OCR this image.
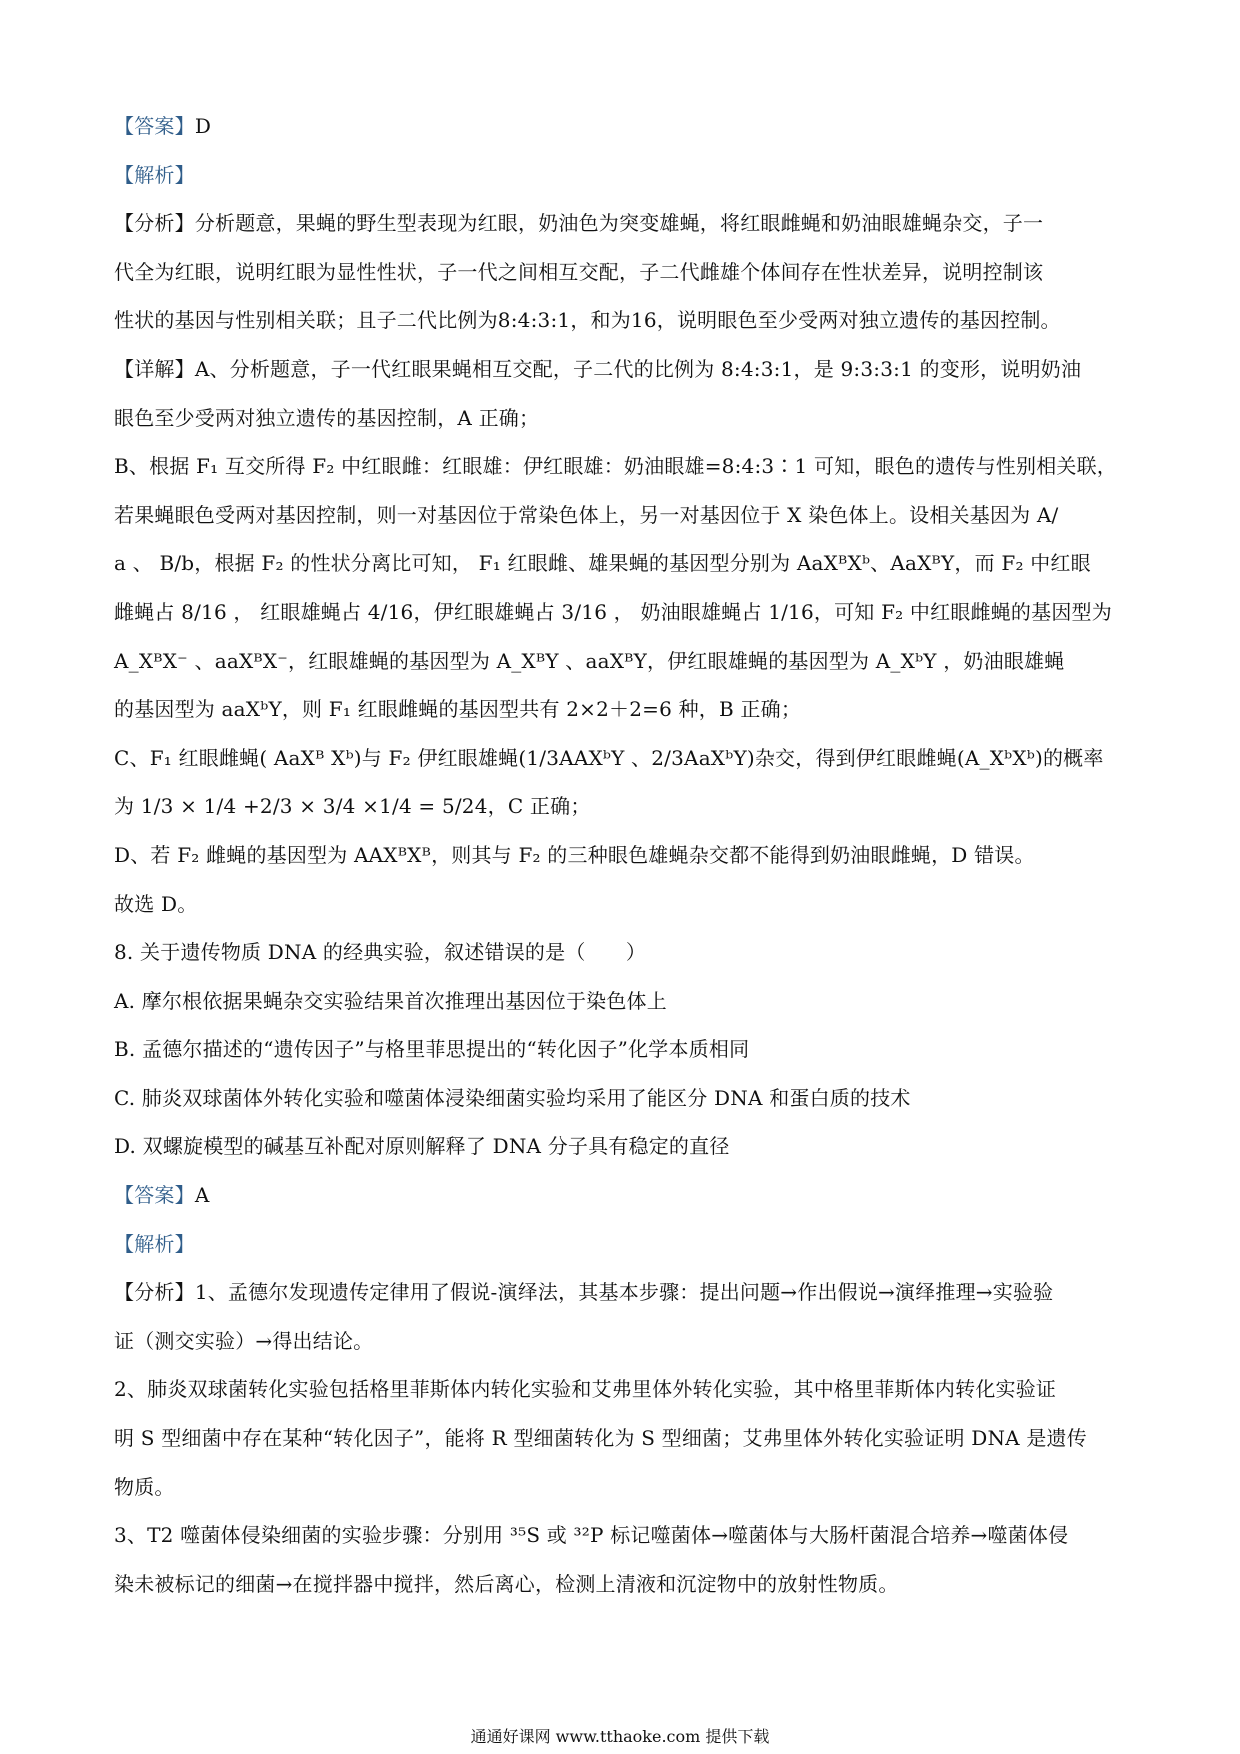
【答案】D
【解析】
【分析】分析题意，果蝇的野生型表现为红眼，奶油色为突变雄蝇，将红眼雌蝇和奶油眼雄蝇杂交，子一
代全为红眼，说明红眼为显性性状，子一代之间相互交配，子二代雌雄个体间存在性状差异，说明控制该
性状的基因与性别相关联；且子二代比例为8:4:3:1，和为16，说明眼色至少受两对独立遗传的基因控制。
【详解】A、分析题意，子一代红眼果蝇相互交配，子二代的比例为 8:4:3:1，是 9:3:3:1 的变形，说明奶油
眼色至少受两对独立遗传的基因控制，A 正确；
B、根据 F₁ 互交所得 F₂ 中红眼雌：红眼雄：伊红眼雄：奶油眼雄=8:4:3∶1 可知，眼色的遗传与性别相关联，
若果蝇眼色受两对基因控制，则一对基因位于常染色体上，另一对基因位于 X 染色体上。设相关基因为 A/
a 、 B/b，根据 F₂ 的性状分离比可知， F₁ 红眼雌、雄果蝇的基因型分别为 AaXᴮXᵇ、AaXᴮY，而 F₂ 中红眼
雌蝇占 8/16 ， 红眼雄蝇占 4/16，伊红眼雄蝇占 3/16 ， 奶油眼雄蝇占 1/16，可知 F₂ 中红眼雌蝇的基因型为
A_XᴮX⁻ 、aaXᴮX⁻，红眼雄蝇的基因型为 A_XᴮY 、aaXᴮY，伊红眼雄蝇的基因型为 A_XᵇY ，奶油眼雄蝇
的基因型为 aaXᵇY，则 F₁ 红眼雌蝇的基因型共有 2×2＋2=6 种，B 正确；
C、F₁ 红眼雌蝇( AaXᴮ Xᵇ)与 F₂ 伊红眼雄蝇(1/3AAXᵇY 、2/3AaXᵇY)杂交，得到伊红眼雌蝇(A_XᵇXᵇ)的概率
为 1/3 × 1/4 +2/3 × 3/4 ×1/4 = 5/24，C 正确；
D、若 F₂ 雌蝇的基因型为 AAXᴮXᴮ，则其与 F₂ 的三种眼色雄蝇杂交都不能得到奶油眼雌蝇，D 错误。
故选 D。
8. 关于遗传物质 DNA 的经典实验，叙述错误的是（　　）
A. 摩尔根依据果蝇杂交实验结果首次推理出基因位于染色体上
B. 孟德尔描述的“遗传因子”与格里菲思提出的“转化因子”化学本质相同
C. 肺炎双球菌体外转化实验和噬菌体浸染细菌实验均采用了能区分 DNA 和蛋白质的技术
D. 双螺旋模型的碱基互补配对原则解释了 DNA 分子具有稳定的直径
【答案】A
【解析】
【分析】1、孟德尔发现遗传定律用了假说-演绎法，其基本步骤：提出问题→作出假说→演绎推理→实验验
证（测交实验）→得出结论。
2、肺炎双球菌转化实验包括格里菲斯体内转化实验和艾弗里体外转化实验，其中格里菲斯体内转化实验证
明 S 型细菌中存在某种“转化因子”，能将 R 型细菌转化为 S 型细菌；艾弗里体外转化实验证明 DNA 是遗传
物质。
3、T2 噬菌体侵染细菌的实验步骤：分别用 ³⁵S 或 ³²P 标记噬菌体→噬菌体与大肠杆菌混合培养→噬菌体侵
染未被标记的细菌→在搅拌器中搅拌，然后离心，检测上清液和沉淀物中的放射性物质。
通通好课网 www.tthaoke.com 提供下载
